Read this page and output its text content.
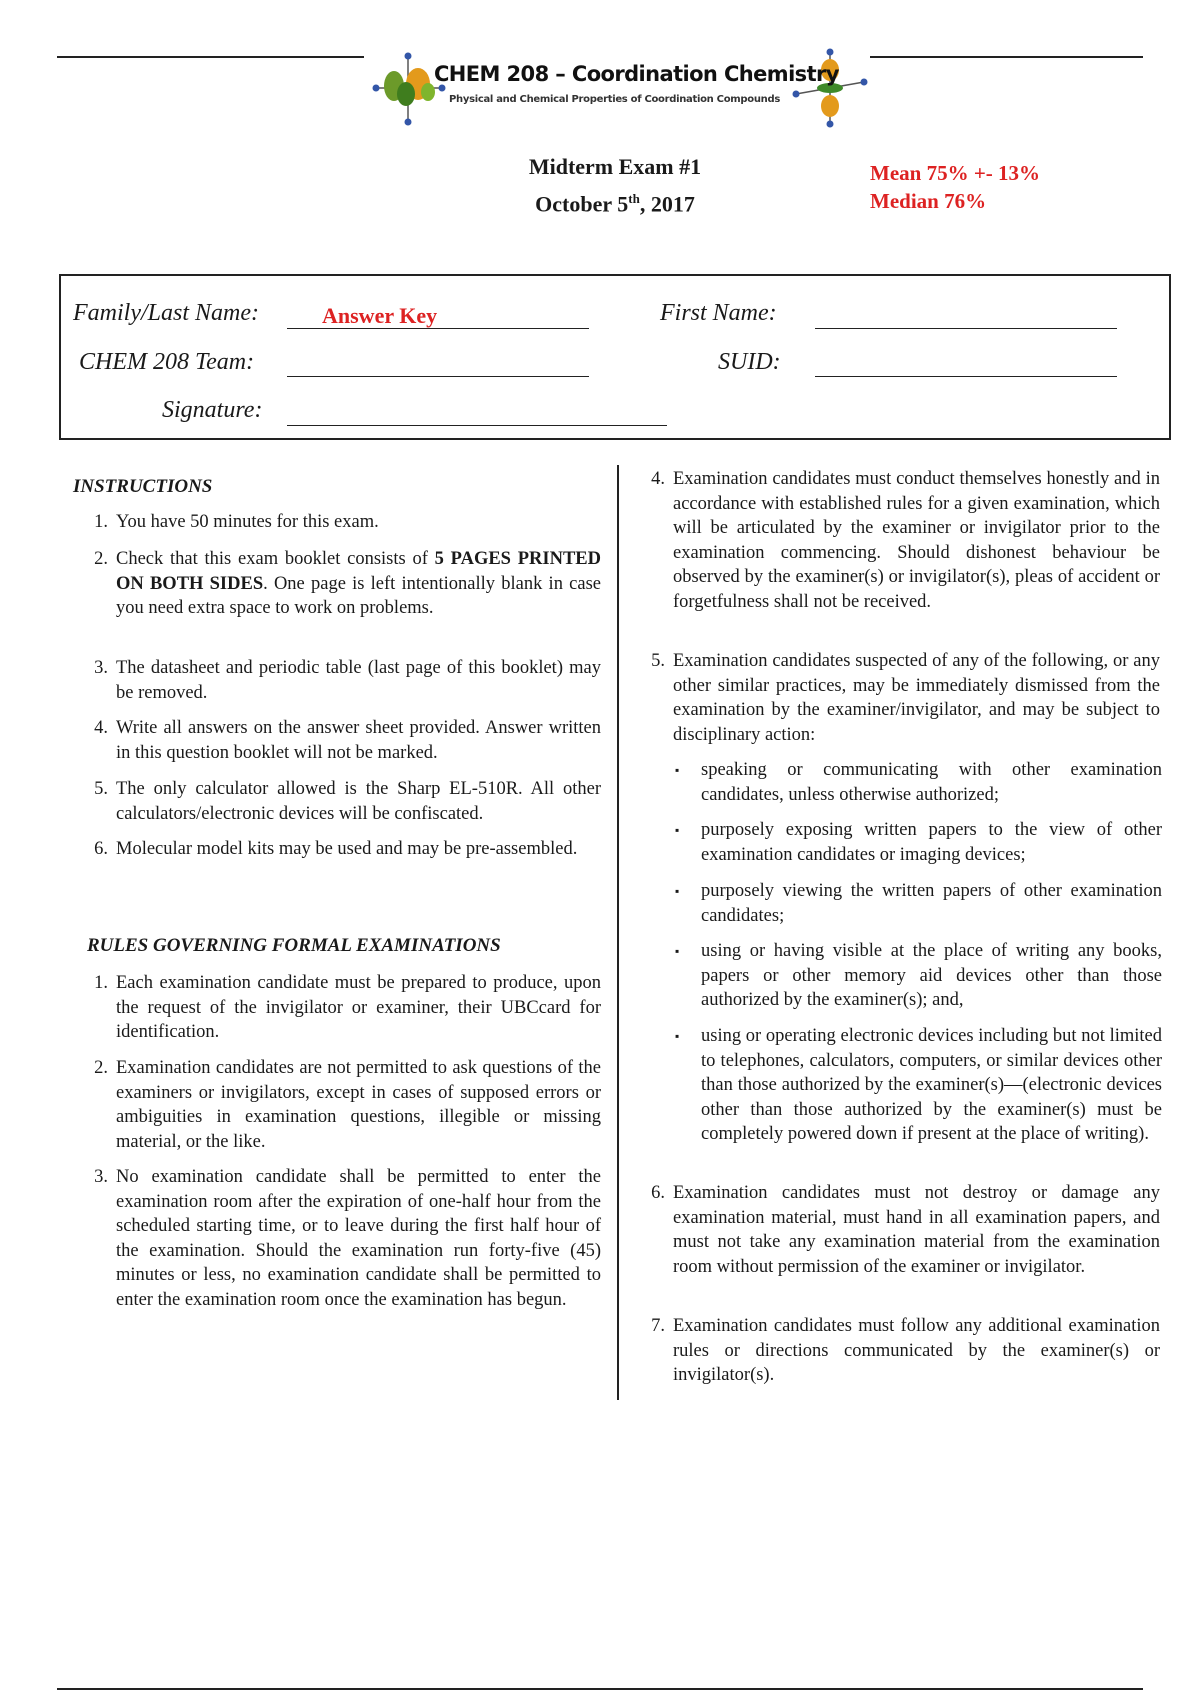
CHEM 208 – Coordination Chemistry
Physical and Chemical Properties of Coordination Compounds
Midterm Exam #1
October 5th, 2017
Mean 75% +- 13%
Median 76%
Family/Last Name:	Answer Key	First Name:
CHEM 208 Team:	SUID:
Signature:
INSTRUCTIONS
1. You have 50 minutes for this exam.
2. Check that this exam booklet consists of 5 PAGES PRINTED ON BOTH SIDES. One page is left intentionally blank in case you need extra space to work on problems.
3. The datasheet and periodic table (last page of this booklet) may be removed.
4. Write all answers on the answer sheet provided. Answer written in this question booklet will not be marked.
5. The only calculator allowed is the Sharp EL-510R. All other calculators/electronic devices will be confiscated.
6. Molecular model kits may be used and may be pre-assembled.
RULES GOVERNING FORMAL EXAMINATIONS
1. Each examination candidate must be prepared to produce, upon the request of the invigilator or examiner, their UBCcard for identification.
2. Examination candidates are not permitted to ask questions of the examiners or invigilators, except in cases of supposed errors or ambiguities in examination questions, illegible or missing material, or the like.
3. No examination candidate shall be permitted to enter the examination room after the expiration of one-half hour from the scheduled starting time, or to leave during the first half hour of the examination. Should the examination run forty-five (45) minutes or less, no examination candidate shall be permitted to enter the examination room once the examination has begun.
4. Examination candidates must conduct themselves honestly and in accordance with established rules for a given examination, which will be articulated by the examiner or invigilator prior to the examination commencing. Should dishonest behaviour be observed by the examiner(s) or invigilator(s), pleas of accident or forgetfulness shall not be received.
5. Examination candidates suspected of any of the following, or any other similar practices, may be immediately dismissed from the examination by the examiner/invigilator, and may be subject to disciplinary action:
▪ speaking or communicating with other examination candidates, unless otherwise authorized;
▪ purposely exposing written papers to the view of other examination candidates or imaging devices;
▪ purposely viewing the written papers of other examination candidates;
▪ using or having visible at the place of writing any books, papers or other memory aid devices other than those authorized by the examiner(s); and,
▪ using or operating electronic devices including but not limited to telephones, calculators, computers, or similar devices other than those authorized by the examiner(s)—(electronic devices other than those authorized by the examiner(s) must be completely powered down if present at the place of writing).
6. Examination candidates must not destroy or damage any examination material, must hand in all examination papers, and must not take any examination material from the examination room without permission of the examiner or invigilator.
7. Examination candidates must follow any additional examination rules or directions communicated by the examiner(s) or invigilator(s).
